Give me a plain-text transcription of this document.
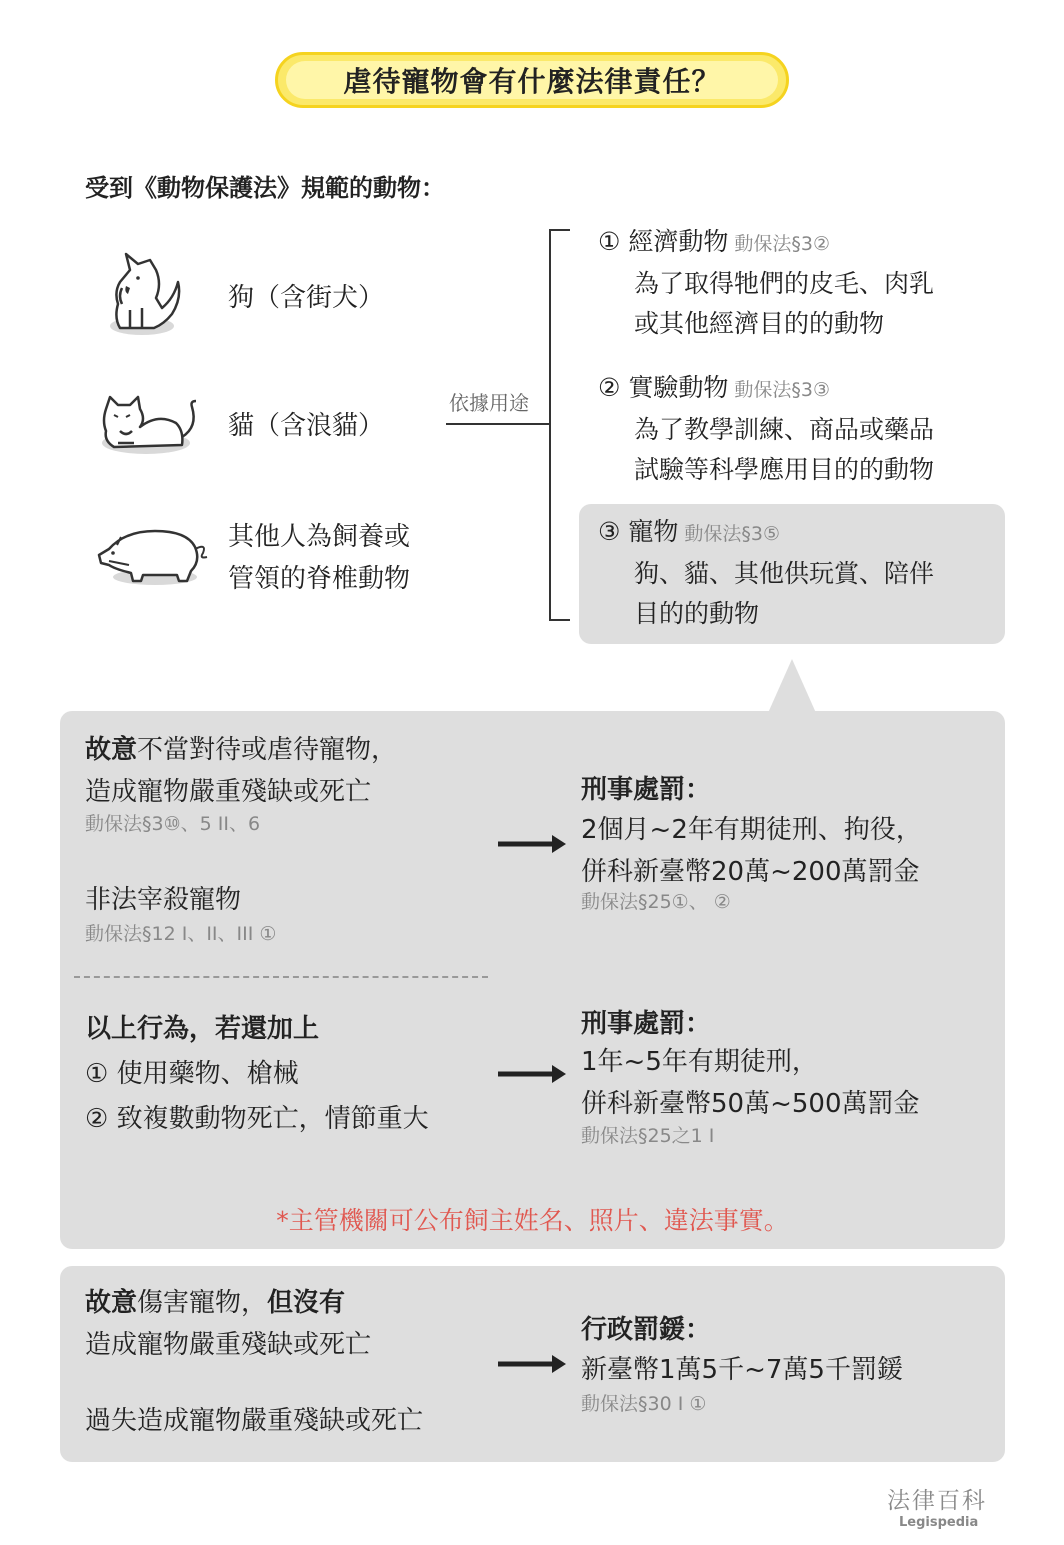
虐待寵物會有什麼法律責任？
受到《動物保護法》規範的動物：
狗（含街犬）
貓（含浪貓）
其他人為飼養或
管領的脊椎動物
依據用途
① 經濟動物 動保法§3②
為了取得牠們的皮毛、肉乳
或其他經濟目的的動物
② 實驗動物 動保法§3③
為了教學訓練、商品或藥品
試驗等科學應用目的的動物
③ 寵物 動保法§3⑤
狗、貓、其他供玩賞、陪伴
目的的動物
故意不當對待或虐待寵物，
造成寵物嚴重殘缺或死亡
動保法§3⑩、5 II、6
非法宰殺寵物
動保法§12 I、II、III ①
刑事處罰：
2個月~2年有期徒刑、拘役，
併科新臺幣20萬~200萬罰金
動保法§25①、 ②
以上行為，若還加上
① 使用藥物、槍械
② 致複數動物死亡，情節重大
刑事處罰：
1年~5年有期徒刑，
併科新臺幣50萬~500萬罰金
動保法§25之1 I
*主管機關可公布飼主姓名、照片、違法事實。
故意傷害寵物，但沒有
造成寵物嚴重殘缺或死亡
過失造成寵物嚴重殘缺或死亡
行政罰鍰：
新臺幣1萬5千~7萬5千罰鍰
動保法§30 I ①
法律百科
Legispedia
